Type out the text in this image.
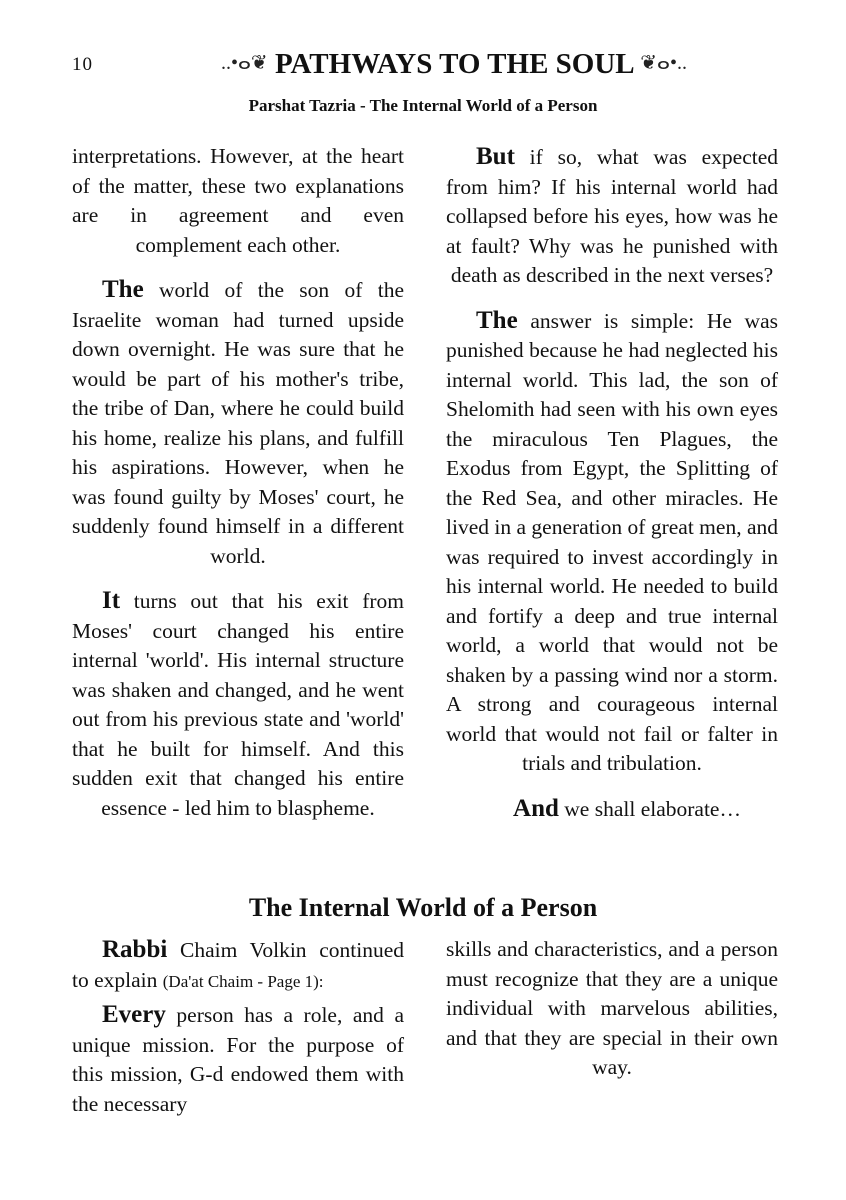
10	..•ⴰ❦ PATHWAYS TO THE SOUL ❦ⴰ•..
Parshat Tazria - The Internal World of a Person

interpretations. However, at the heart of the matter, these two explanations are in agreement and even complement each other.

The world of the son of the Israelite woman had turned upside down overnight. He was sure that he would be part of his mother's tribe, the tribe of Dan, where he could build his home, realize his plans, and fulfill his aspirations. However, when he was found guilty by Moses' court, he suddenly found himself in a different world.

It turns out that his exit from Moses' court changed his entire internal 'world'. His internal structure was shaken and changed, and he went out from his previous state and 'world' that he built for himself. And this sudden exit that changed his entire essence - led him to blaspheme.

But if so, what was expected from him? If his internal world had collapsed before his eyes, how was he at fault? Why was he punished with death as described in the next verses?

The answer is simple: He was punished because he had neglected his internal world. This lad, the son of Shelomith had seen with his own eyes the miraculous Ten Plagues, the Exodus from Egypt, the Splitting of the Red Sea, and other miracles. He lived in a generation of great men, and was required to invest accordingly in his internal world. He needed to build and fortify a deep and true internal world, a world that would not be shaken by a passing wind nor a storm. A strong and courageous internal world that would not fail or falter in trials and tribulation.

And we shall elaborate…

The Internal World of a Person

Rabbi Chaim Volkin continued to explain (Da'at Chaim - Page 1):

Every person has a role, and a unique mission. For the purpose of this mission, G-d endowed them with the necessary

skills and characteristics, and a person must recognize that they are a unique individual with marvelous abilities, and that they are special in their own way.
